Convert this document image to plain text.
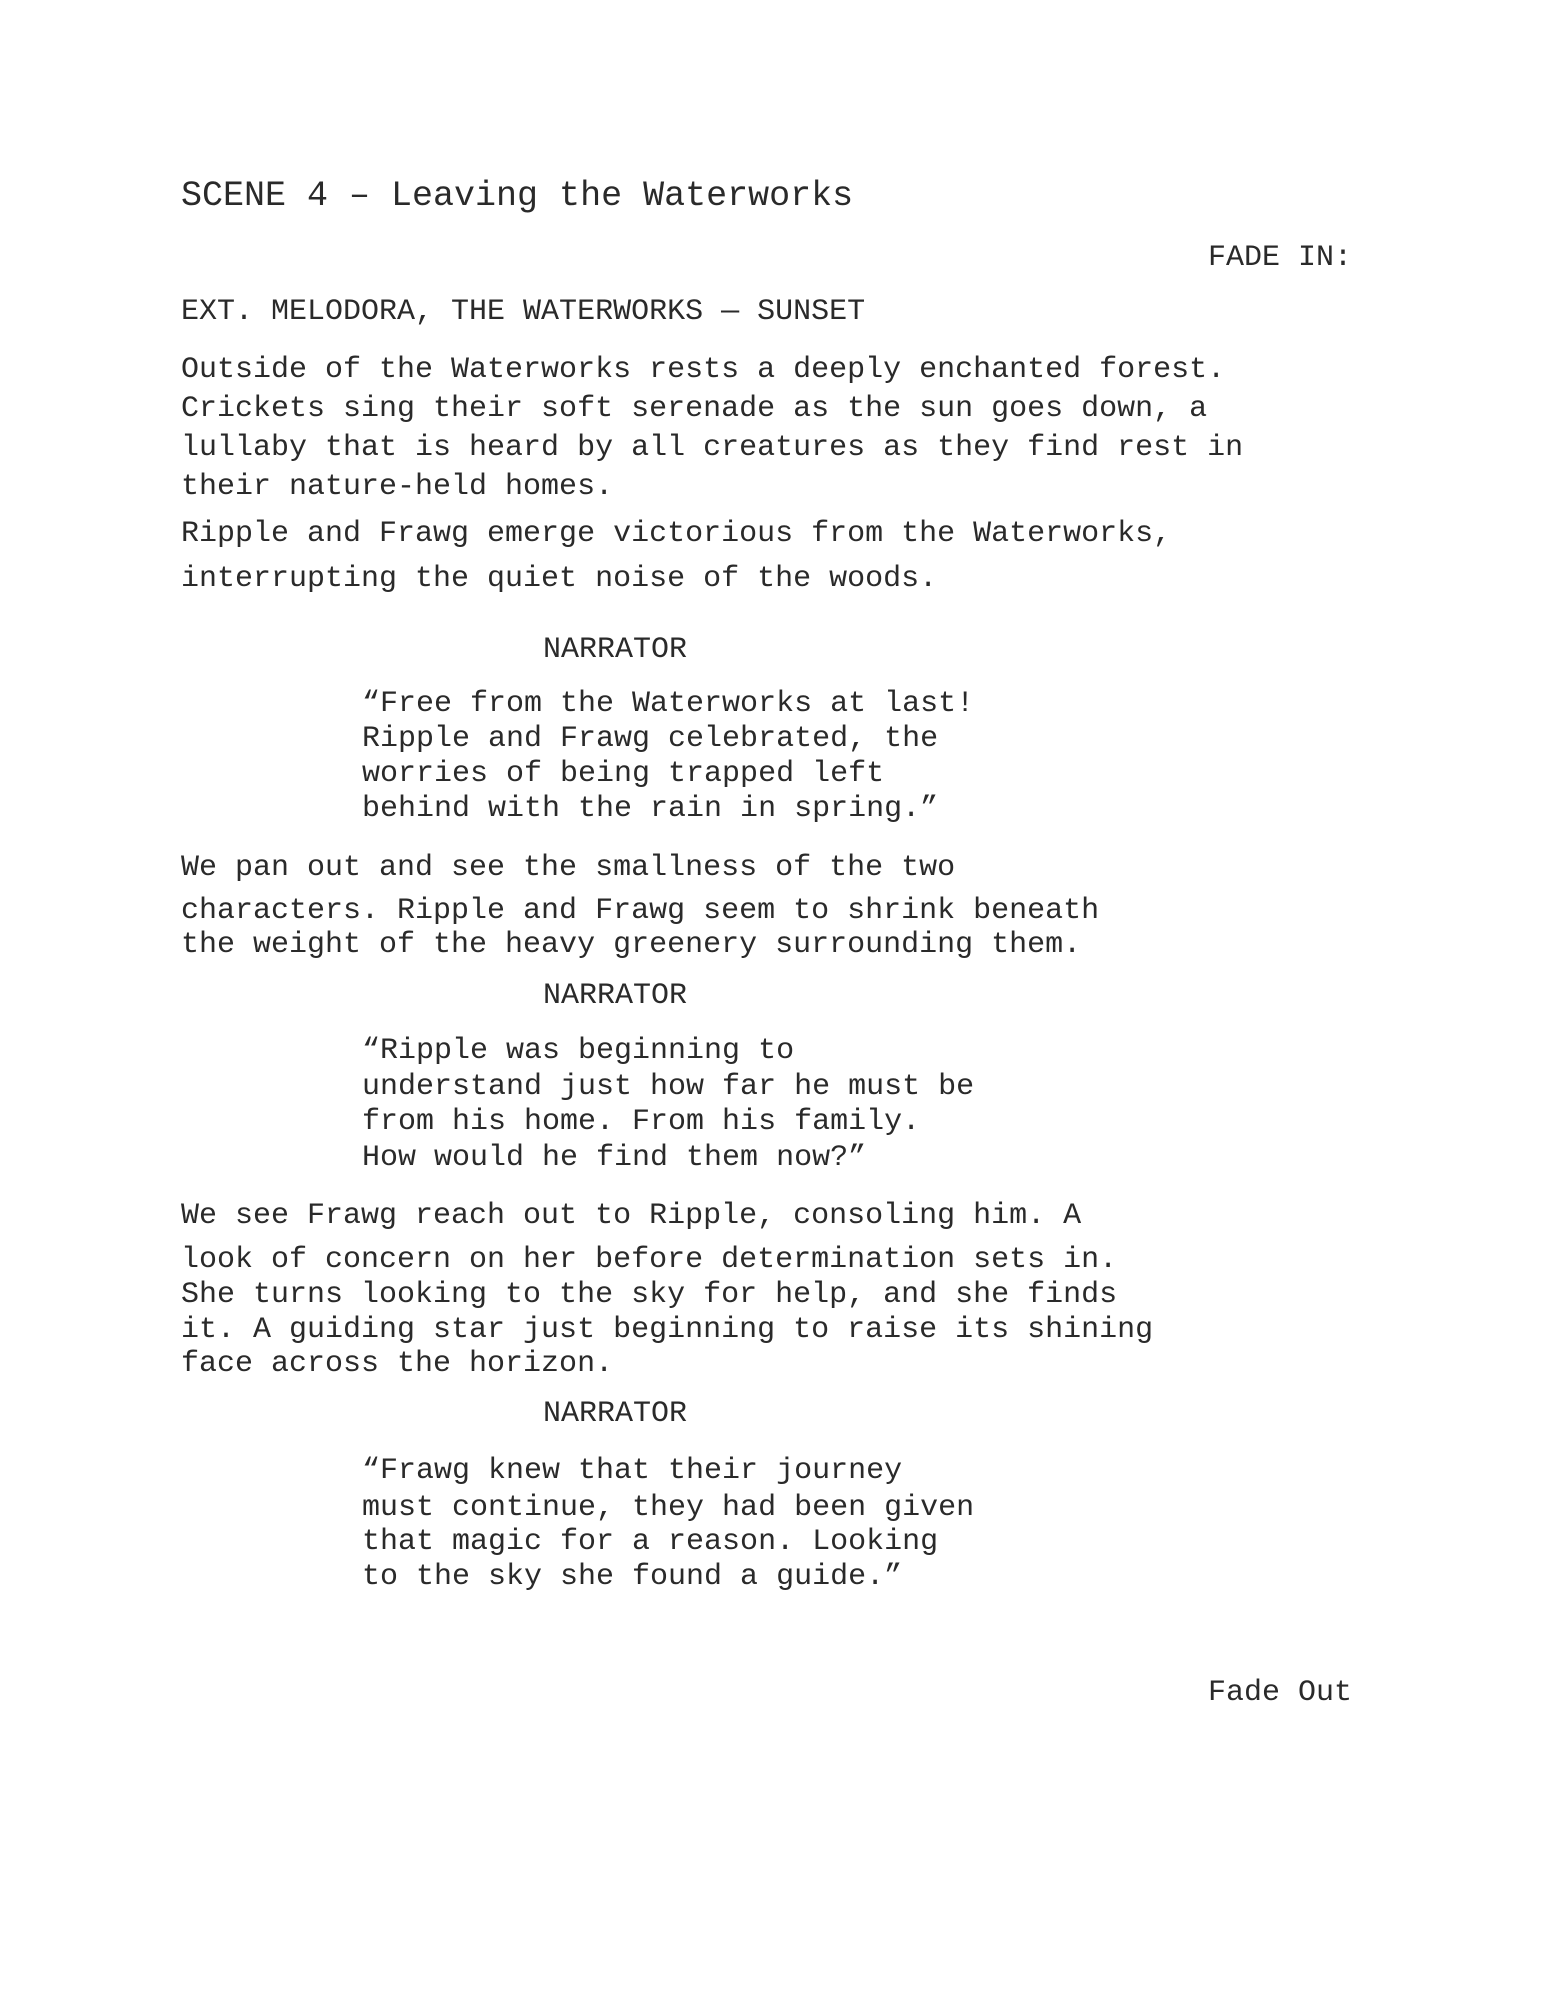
SCENE 4 – Leaving the Waterworks

FADE IN:

EXT. MELODORA, THE WATERWORKS — SUNSET

Outside of the Waterworks rests a deeply enchanted forest.

Crickets sing their soft serenade as the sun goes down, a

lullaby that is heard by all creatures as they find rest in

their nature-held homes.

Ripple and Frawg emerge victorious from the Waterworks,

interrupting the quiet noise of the woods.

NARRATOR

“Free from the Waterworks at last!

Ripple and Frawg celebrated, the

worries of being trapped left

behind with the rain in spring.”

We pan out and see the smallness of the two

characters. Ripple and Frawg seem to shrink beneath

the weight of the heavy greenery surrounding them.

NARRATOR

“Ripple was beginning to

understand just how far he must be

from his home. From his family.

How would he find them now?”

We see Frawg reach out to Ripple, consoling him. A

look of concern on her before determination sets in.

She turns looking to the sky for help, and she finds

it. A guiding star just beginning to raise its shining

face across the horizon.

NARRATOR

“Frawg knew that their journey

must continue, they had been given

that magic for a reason. Looking

to the sky she found a guide.”

Fade Out
